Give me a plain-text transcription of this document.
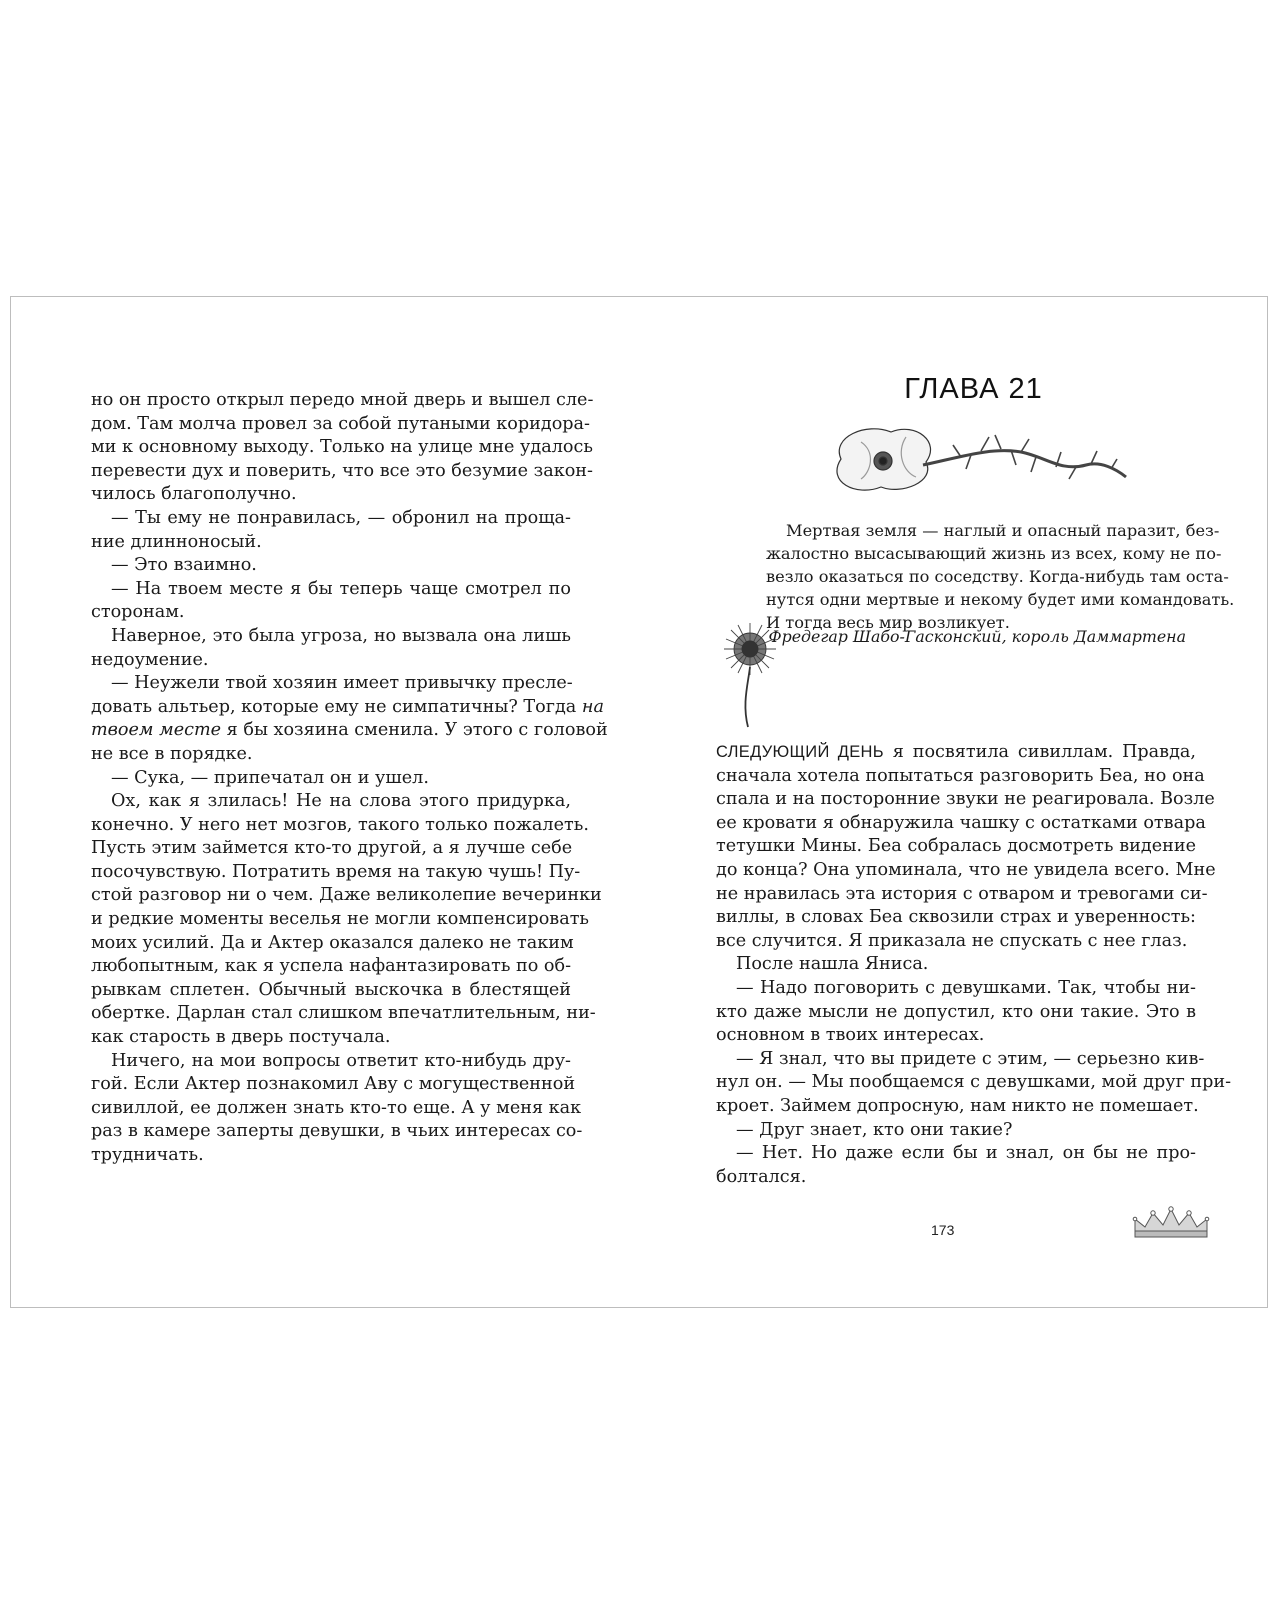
но он просто открыл передо мной дверь и вышел сле-
дом. Там молча провел за собой путаными коридора-
ми к основному выходу. Только на улице мне удалось
перевести дух и поверить, что все это безумие закон-
чилось благополучно.
— Ты ему не понравилась, — обронил на проща-
ние длинноносый.
— Это взаимно.
— На твоем месте я бы теперь чаще смотрел по
сторонам.
Наверное, это была угроза, но вызвала она лишь
недоумение.
— Неужели твой хозяин имеет привычку пресле-
довать альтьер, которые ему не симпатичны? Тогда на
твоем месте я бы хозяина сменила. У этого с головой
не все в порядке.
— Сука, — припечатал он и ушел.
Ох, как я злилась! Не на слова этого придурка,
конечно. У него нет мозгов, такого только пожалеть.
Пусть этим займется кто-то другой, а я лучше себе
посочувствую. Потратить время на такую чушь! Пу-
стой разговор ни о чем. Даже великолепие вечеринки
и редкие моменты веселья не могли компенсировать
моих усилий. Да и Актер оказался далеко не таким
любопытным, как я успела нафантазировать по об-
рывкам сплетен. Обычный выскочка в блестящей
обертке. Дарлан стал слишком впечатлительным, ни-
как старость в дверь постучала.
Ничего, на мои вопросы ответит кто-нибудь дру-
гой. Если Актер познакомил Аву с могущественной
сивиллой, ее должен знать кто-то еще. А у меня как
раз в камере заперты девушки, в чьих интересах со-
трудничать.
ГЛАВА 21
Мертвая земля — наглый и опасный паразит, без-
жалостно высасывающий жизнь из всех, кому не по-
везло оказаться по соседству. Когда-нибудь там оста-
нутся одни мертвые и некому будет ими командовать.
И тогда весь мир возликует.

Фредегар Шабо-Гасконский, король Даммартена

СЛЕДУЮЩИЙ ДЕНЬ я посвятила сивиллам. Правда,
сначала хотела попытаться разговорить Беа, но она
спала и на посторонние звуки не реагировала. Возле
ее кровати я обнаружила чашку с остатками отвара
тетушки Мины. Беа собралась досмотреть видение
до конца? Она упоминала, что не увидела всего. Мне
не нравилась эта история с отваром и тревогами си-
виллы, в словах Беа сквозили страх и уверенность:
все случится. Я приказала не спускать с нее глаз.
После нашла Яниса.
— Надо поговорить с девушками. Так, чтобы ни-
кто даже мысли не допустил, кто они такие. Это в
основном в твоих интересах.
— Я знал, что вы придете с этим, — серьезно кив-
нул он. — Мы пообщаемся с девушками, мой друг при-
кроет. Займем допросную, нам никто не помешает.
— Друг знает, кто они такие?
— Нет. Но даже если бы и знал, он бы не про-
болтался.
173
